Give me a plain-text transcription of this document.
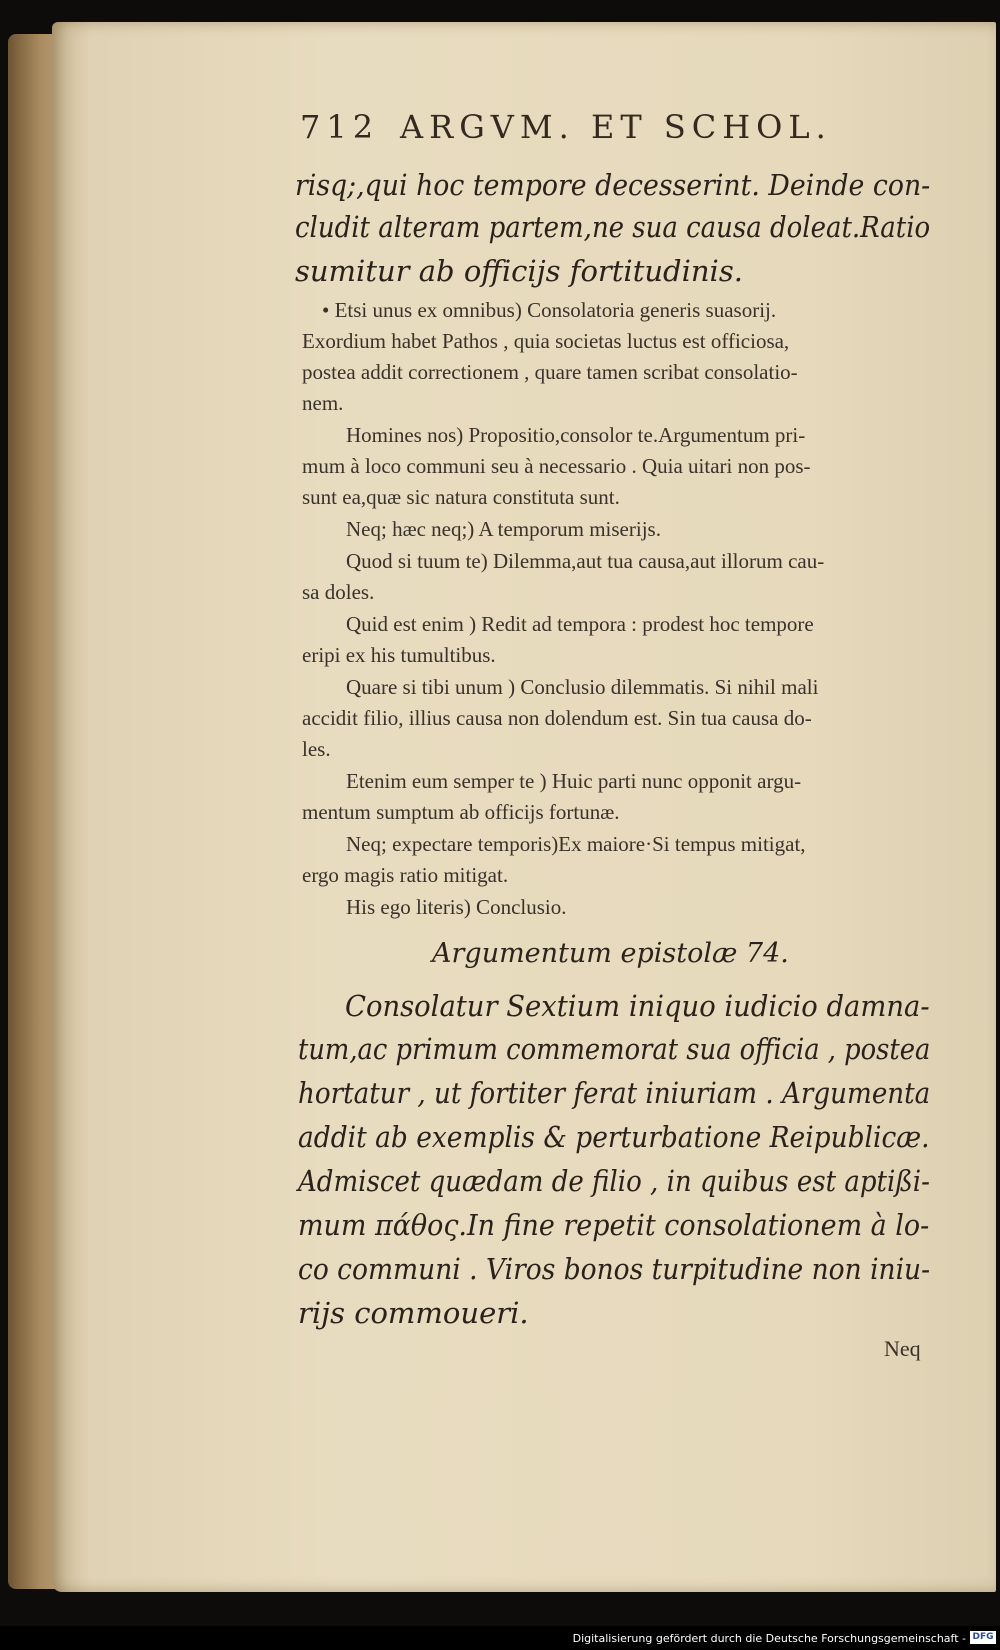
712 ARGVM. ET SCHOL.
risq;,qui hoc tempore decesserint. Deinde con-
cludit alteram partem,ne sua causa doleat.Ratio
sumitur ab officijs fortitudinis.
• Etsi unus ex omnibus) Consolatoria generis suasorij.
Exordium habet Pathos , quia societas luctus est officiosa,
postea addit correctionem , quare tamen scribat consolatio-
nem.
Homines nos) Propositio,consolor te.Argumentum pri-
mum à loco communi seu à necessario . Quia uitari non pos-
sunt ea,quæ sic natura constituta sunt.
Neq; hæc neq;) A temporum miserijs.
Quod si tuum te) Dilemma,aut tua causa,aut illorum cau-
sa doles.
Quid est enim ) Redit ad tempora : prodest hoc tempore
eripi ex his tumultibus.
Quare si tibi unum ) Conclusio dilemmatis. Si nihil mali
accidit filio, illius causa non dolendum est. Sin tua causa do-
les.
Etenim eum semper te ) Huic parti nunc opponit argu-
mentum sumptum ab officijs fortunæ.
Neq; expectare temporis)Ex maiore·Si tempus mitigat,
ergo magis ratio mitigat.
His ego literis) Conclusio.
Argumentum epistolæ 74.
Consolatur Sextium iniquo iudicio damna-
tum,ac primum commemorat sua officia , postea
hortatur , ut fortiter ferat iniuriam . Argumenta
addit ab exemplis & perturbatione Reipublicæ.
Admiscet quædam de filio , in quibus est aptißi-
mum πάθος.In fine repetit consolationem à lo-
co communi . Viros bonos turpitudine non iniu-
rijs commoueri.
Neq
Digitalisierung gefördert durch die Deutsche Forschungsgemeinschaft - DFG
